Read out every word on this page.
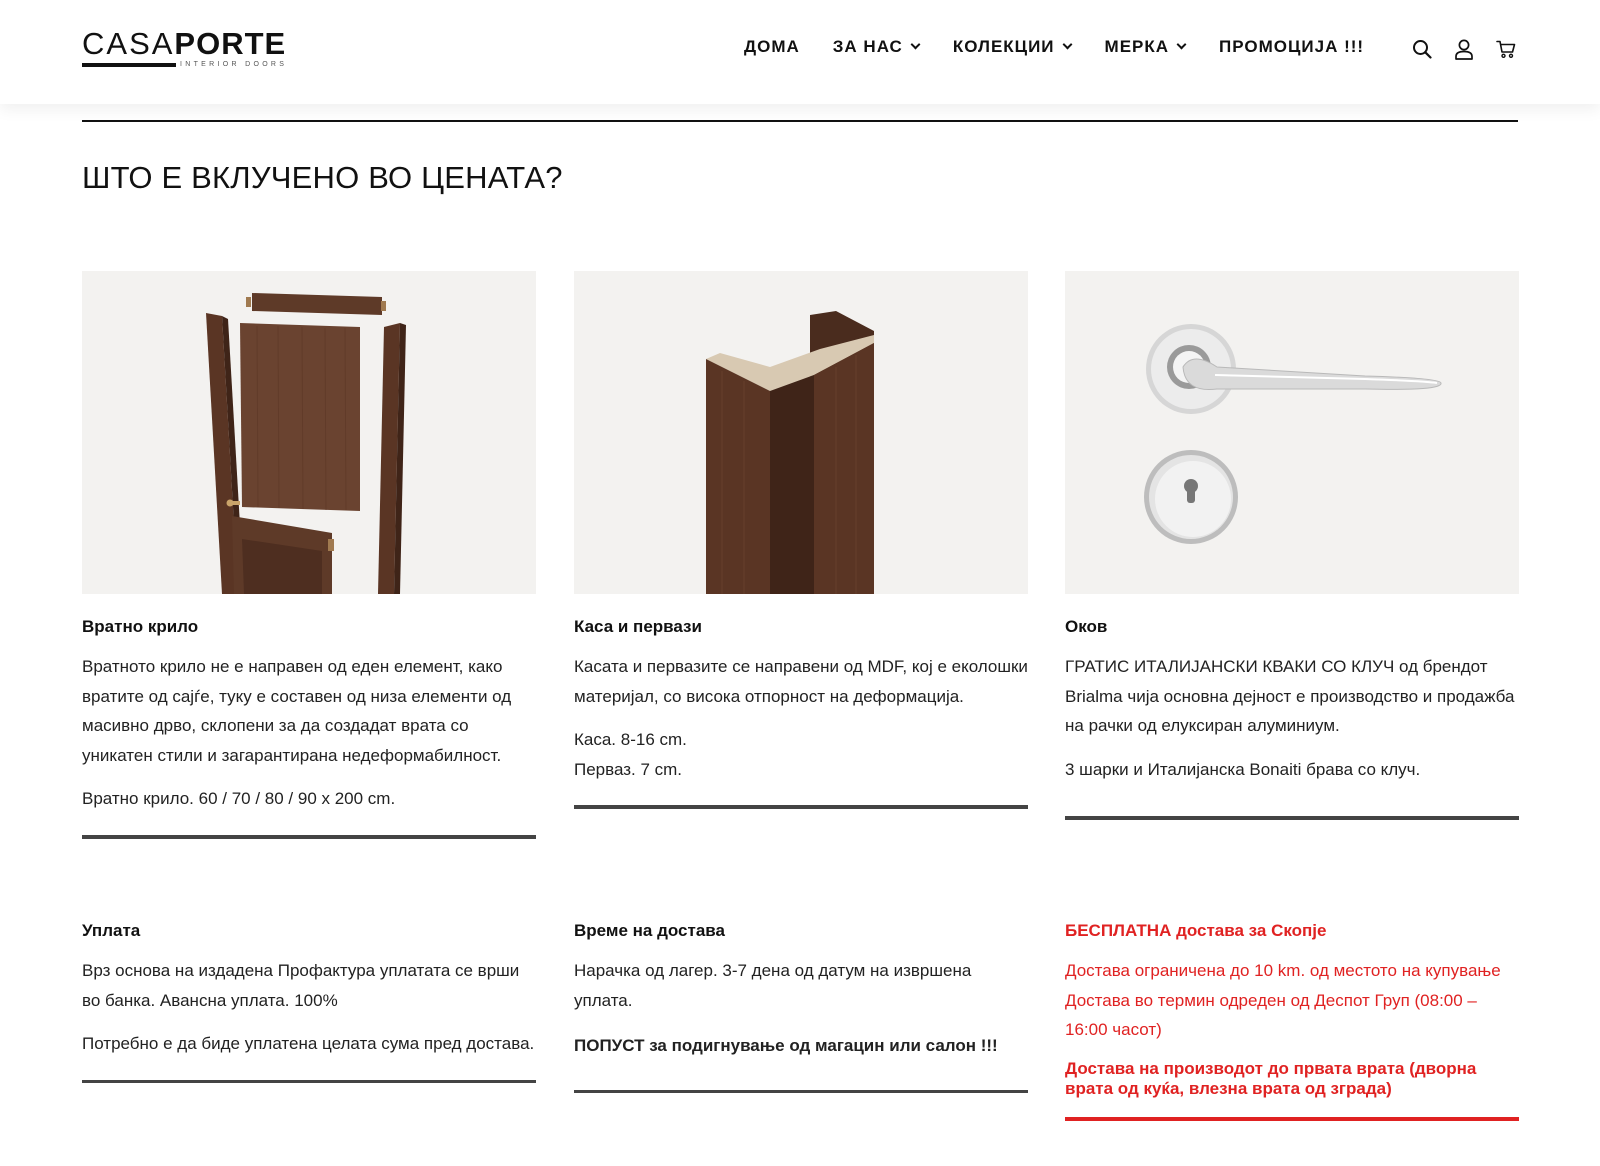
CASAPORTE
INTERIOR DOORS
ДОМА ЗА НАС	КОЛЕКЦИИ	МЕРКА	ПРОМОЦИЈА !!!
ШТО Е ВКЛУЧЕНО ВО ЦЕНАТА?
Вратно крило

Вратното крило не е направен од еден елемент, како вратите од сајѓе, туку е составен од низа елементи од масивно дрво, склопени за да создадат врата со уникатен стили и загарантирана недеформабилност.

Вратно крило. 60 / 70 / 80 / 90 x 200 cm.

Каса и первази

Касата и первазите се направени од MDF, кој е еколошки материјал, со висока отпорност на деформација.

Каса. 8-16 cm.

Перваз. 7 cm.

Оков

ГРАТИС ИТАЛИЈАНСКИ КВАКИ СО КЛУЧ од брендот Brialma чија основна дејност е производство и продажба на рачки од елуксиран алуминиум.

3 шарки и Италијанска Bonaiti брава со клуч.

Уплата

Врз основа на издадена Профактура уплатата се врши во банка. Авансна уплата. 100%

Потребно е да биде уплатена целата сума пред достава.

Време на достава

Нарачка од лагер. 3-7 дена од датум на извршена уплата.

ПОПУСТ за подигнување од магацин или салон !!!

БЕСПЛАТНА достава за Скопје

Достава ограничена до 10 km. од местото на купување

Достава во термин одреден од Деспот Груп (08:00 – 16:00 часот)

Достава на производот до првата врата (дворна врата од куќа, влезна врата од зграда)
